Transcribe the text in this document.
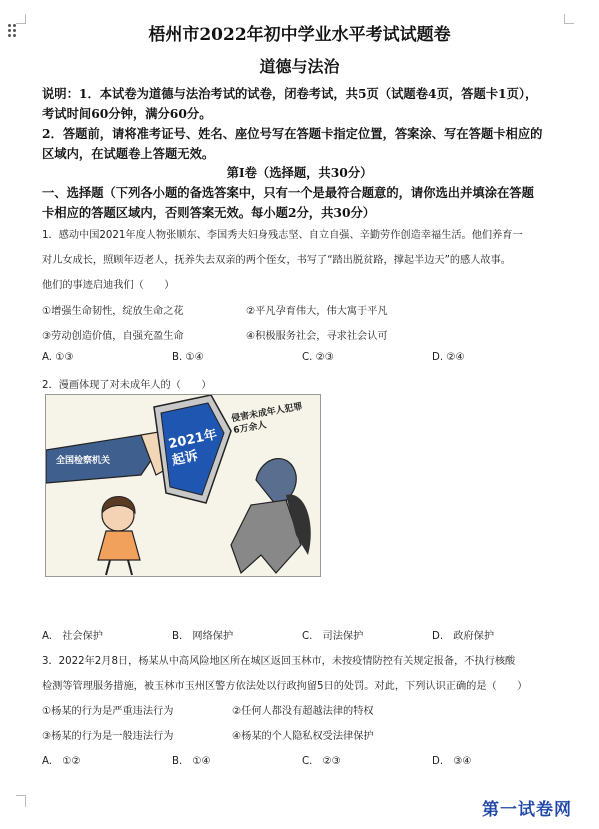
梧州市2022年初中学业水平考试试题卷
道德与法治
说明：1．本试卷为道德与法治考试的试卷，闭卷考试，共5页（试题卷4页，答题卡1页），
考试时间60分钟，满分60分。
2．答题前，请将准考证号、姓名、座位号写在答题卡指定位置，答案涂、写在答题卡相应的
区域内，在试题卷上答题无效。
第Ⅰ卷（选择题，共30分）
一、选择题（下列各小题的备选答案中，只有一个是最符合题意的，请你选出并填涂在答题
卡相应的答题区域内，否则答案无效。每小题2分，共30分）
1．感动中国2021年度人物张顺东、李国秀夫妇身残志坚、自立自强、辛勤劳作创造幸福生活。他们养育一
对儿女成长，照顾年迈老人，抚养失去双亲的两个侄女，书写了“踏出脱贫路，撑起半边天”的感人故事。
他们的事迹启迪我们（　　）
①增强生命韧性，绽放生命之花	②平凡孕育伟大，伟大寓于平凡
③劳动创造价值，自强充盈生命	④积极服务社会，寻求社会认可
A. ①③	B. ①④	C. ②③	D. ②④
2．漫画体现了对未成年人的（　　）
全国检察机关
2021年
起诉
侵害未成年人犯罪
6万余人
A.　社会保护	B.　网络保护	C.　司法保护	D.　政府保护
3．2022年2月8日，杨某从中高风险地区所在城区返回玉林市，未按疫情防控有关规定报备，不执行核酸
检测等管理服务措施，被玉林市玉州区警方依法处以行政拘留5日的处罚。对此，下列认识正确的是（　　）
①杨某的行为是严重违法行为	②任何人都没有超越法律的特权
③杨某的行为是一般违法行为	④杨某的个人隐私权受法律保护
A.　①②	B.　①④	C.　②③	D.　③④
第一试卷网
